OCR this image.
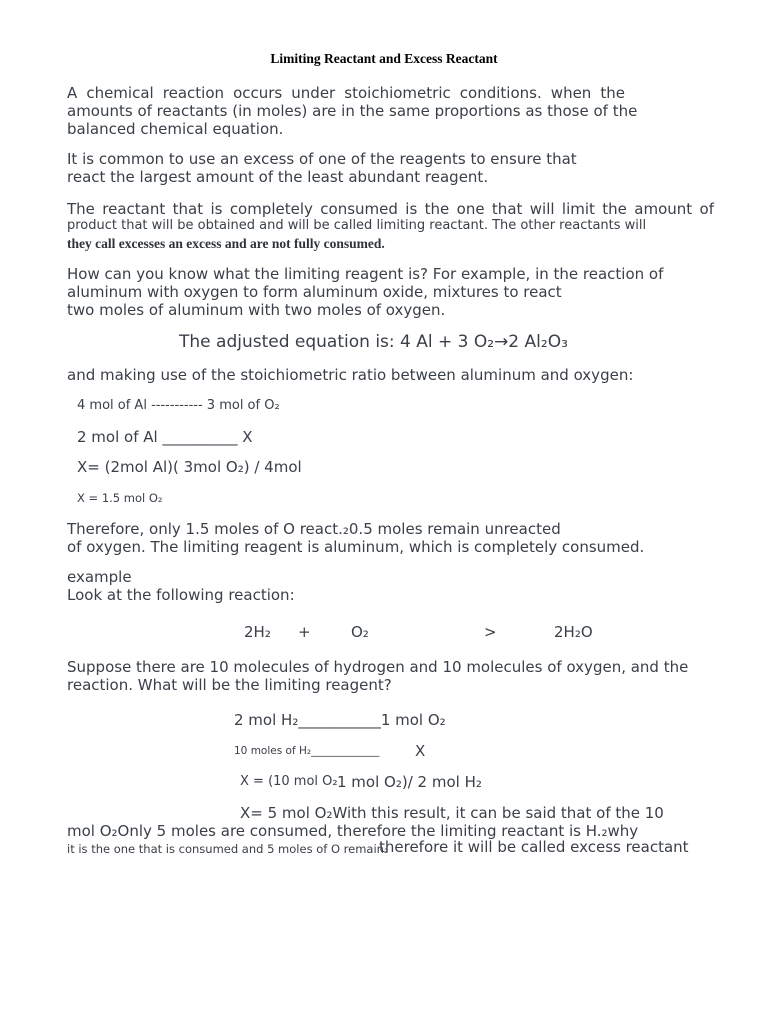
Limiting Reactant and Excess Reactant
A chemical reaction occurs under stoichiometric conditions. when the
amounts of reactants (in moles) are in the same proportions as those of the
balanced chemical equation.
It is common to use an excess of one of the reagents to ensure that
react the largest amount of the least abundant reagent.
The reactant that is completely consumed is the one that will limit the amount of
product that will be obtained and will be called limiting reactant. The other reactants will
they call excesses an excess and are not fully consumed.
How can you know what the limiting reagent is? For example, in the reaction of
aluminum with oxygen to form aluminum oxide, mixtures to react
two moles of aluminum with two moles of oxygen.
The adjusted equation is: 4 Al + 3 O₂→2 Al₂O₃
and making use of the stoichiometric ratio between aluminum and oxygen:
4 mol of Al ----------- 3 mol of O₂
2 mol of Al __________ X
X= (2mol Al)( 3mol O₂) / 4mol
X = 1.5 mol O₂
Therefore, only 1.5 moles of O react.₂0.5 moles remain unreacted
of oxygen. The limiting reagent is aluminum, which is completely consumed.
example
Look at the following reaction:
2H₂ +	O₂	>	2H₂O
Suppose there are 10 molecules of hydrogen and 10 molecules of oxygen, and the
reaction. What will be the limiting reagent?
2 mol H₂___________1 mol O₂
10 moles of H₂_____________ X
X = (10 mol O₂ 1 mol O₂)/ 2 mol H₂
X= 5 mol O₂With this result, it can be said that of the 10
mol O₂Only 5 moles are consumed, therefore the limiting reactant is H.₂why
it is the one that is consumed and 5 moles of O remain₂
therefore it will be called excess reactant
